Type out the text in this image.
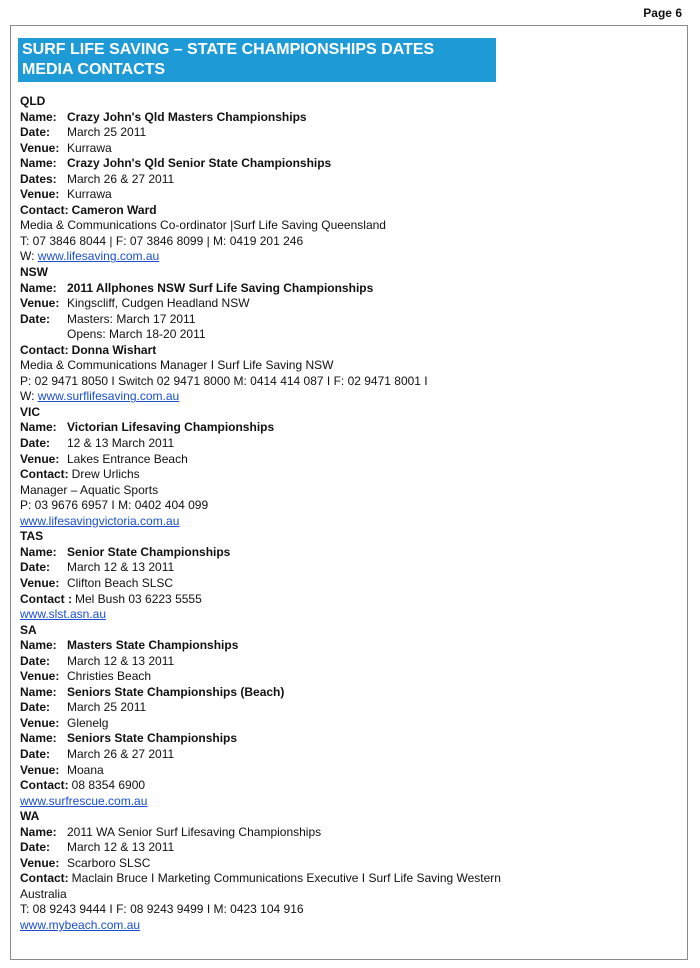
Page 6
SURF LIFE SAVING – STATE CHAMPIONSHIPS DATES
MEDIA CONTACTS
QLD
Name: Crazy John's Qld Masters Championships
Date: March 25 2011
Venue: Kurrawa
Name: Crazy John's Qld Senior State Championships
Dates: March 26 & 27 2011
Venue: Kurrawa
Contact: Cameron Ward
Media & Communications Co-ordinator |Surf Life Saving Queensland
T: 07 3846 8044 | F: 07 3846 8099 | M: 0419 201 246
W: www.lifesaving.com.au
NSW
Name: 2011 Allphones NSW Surf Life Saving Championships
Venue: Kingscliff, Cudgen Headland NSW
Date: Masters: March 17 2011
Opens: March 18-20 2011
Contact: Donna Wishart
Media & Communications Manager I Surf Life Saving NSW
P: 02 9471 8050 I Switch 02 9471 8000 M: 0414 414 087 I F: 02 9471 8001 I
W: www.surflifesaving.com.au
VIC
Name: Victorian Lifesaving Championships
Date: 12 & 13 March 2011
Venue: Lakes Entrance Beach
Contact: Drew Urlichs
Manager – Aquatic Sports
P: 03 9676 6957 I M: 0402 404 099
www.lifesavingvictoria.com.au
TAS
Name: Senior State Championships
Date: March 12 & 13 2011
Venue: Clifton Beach SLSC
Contact : Mel Bush 03 6223 5555
www.slst.asn.au
SA
Name: Masters State Championships
Date: March 12 & 13 2011
Venue: Christies Beach
Name: Seniors State Championships (Beach)
Date: March 25 2011
Venue: Glenelg
Name: Seniors State Championships
Date: March 26 & 27 2011
Venue: Moana
Contact: 08 8354 6900
www.surfrescue.com.au
WA
Name: 2011 WA Senior Surf Lifesaving Championships
Date: March 12 & 13 2011
Venue: Scarboro SLSC
Contact: Maclain Bruce I Marketing Communications Executive I Surf Life Saving Western
Australia
T: 08 9243 9444 I F: 08 9243 9499 I M: 0423 104 916
www.mybeach.com.au
